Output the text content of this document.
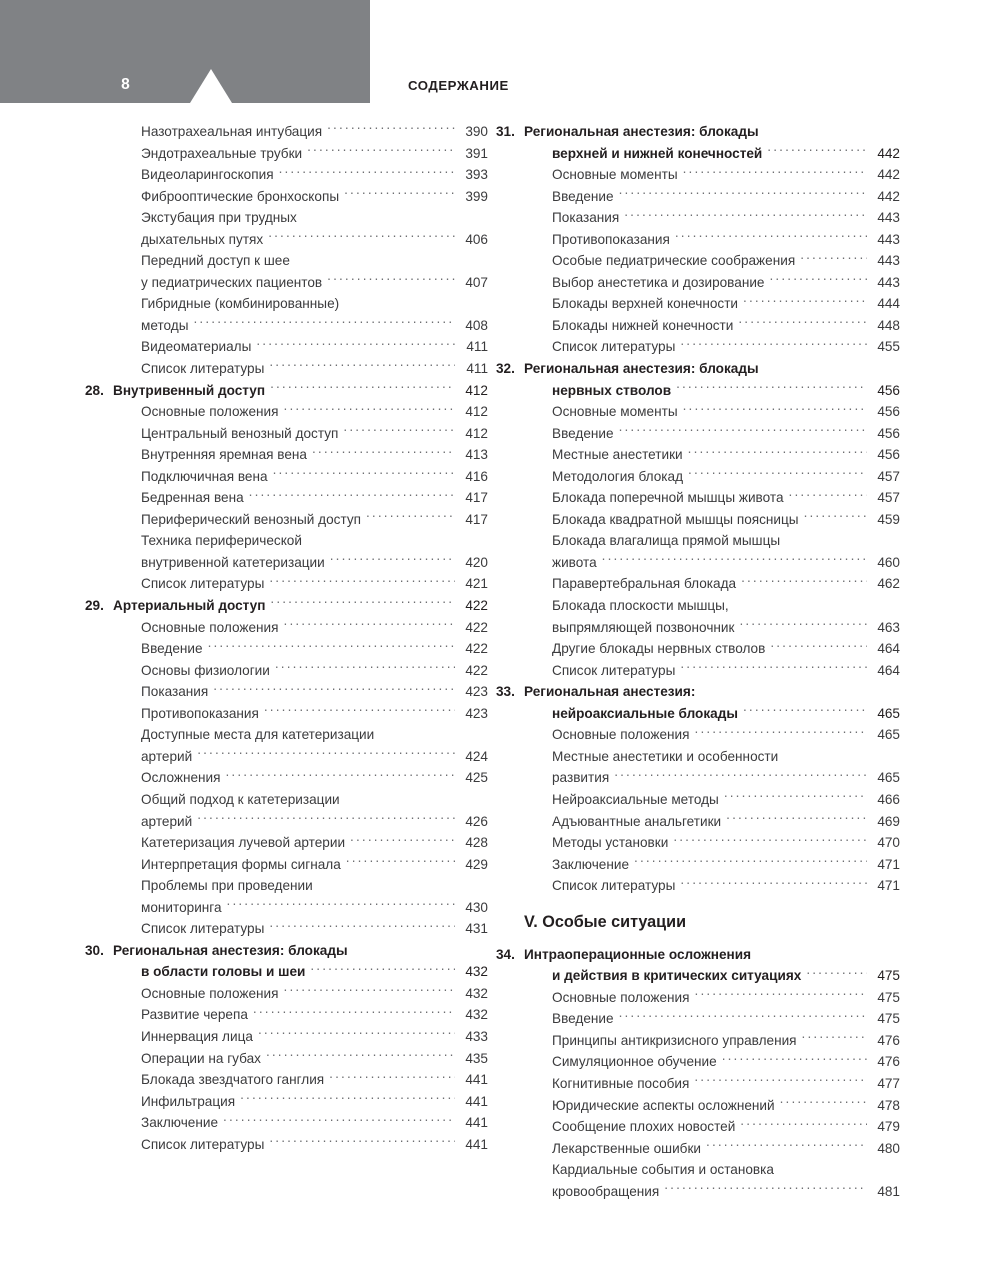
8	СОДЕРЖАНИЕ
Назотрахеальная интубация .....	390
Эндотрахеальные трубки .....	391
Видеоларингоскопия .....	393
Фиброоптические бронхоскопы .....	399
Экстубация при трудных
дыхательных путях .....	406
Передний доступ к шее
у педиатрических пациентов .....	407
Гибридные (комбинированные)
методы .....	408
Видеоматериалы .....	411
Список литературы .....	411
28. Внутривенный доступ .....	412
Основные положения .....	412
Центральный венозный доступ .....	412
Внутренняя яремная вена .....	413
Подключичная вена .....	416
Бедренная вена .....	417
Периферический венозный доступ .....	417
Техника периферической
внутривенной катетеризации .....	420
Список литературы .....	421
29. Артериальный доступ .....	422
Основные положения .....	422
Введение .....	422
Основы физиологии .....	422
Показания .....	423
Противопоказания .....	423
Доступные места для катетеризации
артерий .....	424
Осложнения .....	425
Общий подход к катетеризации
артерий .....	426
Катетеризация лучевой артерии .....	428
Интерпретация формы сигнала .....	429
Проблемы при проведении
мониторинга .....	430
Список литературы .....	431
30. Региональная анестезия: блокады
в области головы и шеи .....	432
Основные положения .....	432
Развитие черепа .....	432
Иннервация лица .....	433
Операции на губах .....	435
Блокада звездчатого ганглия .....	441
Инфильтрация .....	441
Заключение .....	441
Список литературы .....	441
31. Региональная анестезия: блокады
верхней и нижней конечностей .....	442
Основные моменты .....	442
Введение .....	442
Показания .....	443
Противопоказания .....	443
Особые педиатрические соображения .....	443
Выбор анестетика и дозирование .....	443
Блокады верхней конечности .....	444
Блокады нижней конечности .....	448
Список литературы .....	455
32. Региональная анестезия: блокады
нервных стволов .....	456
Основные моменты .....	456
Введение .....	456
Местные анестетики .....	456
Методология блокад .....	457
Блокада поперечной мышцы живота .....	457
Блокада квадратной мышцы поясницы .....	459
Блокада влагалища прямой мышцы
живота .....	460
Паравертебральная блокада .....	462
Блокада плоскости мышцы,
выпрямляющей позвоночник .....	463
Другие блокады нервных стволов .....	464
Список литературы .....	464
33. Региональная анестезия:
нейроаксиальные блокады .....	465
Основные положения .....	465
Местные анестетики и особенности
развития .....	465
Нейроаксиальные методы .....	466
Адъювантные анальгетики .....	469
Методы установки .....	470
Заключение .....	471
Список литературы .....	471
V. Особые ситуации
34. Интраоперационные осложнения
и действия в критических ситуациях .....	475
Основные положения .....	475
Введение .....	475
Принципы антикризисного управления .....	476
Симуляционное обучение .....	476
Когнитивные пособия .....	477
Юридические аспекты осложнений .....	478
Сообщение плохих новостей .....	479
Лекарственные ошибки .....	480
Кардиальные события и остановка
кровообращения .....	481
